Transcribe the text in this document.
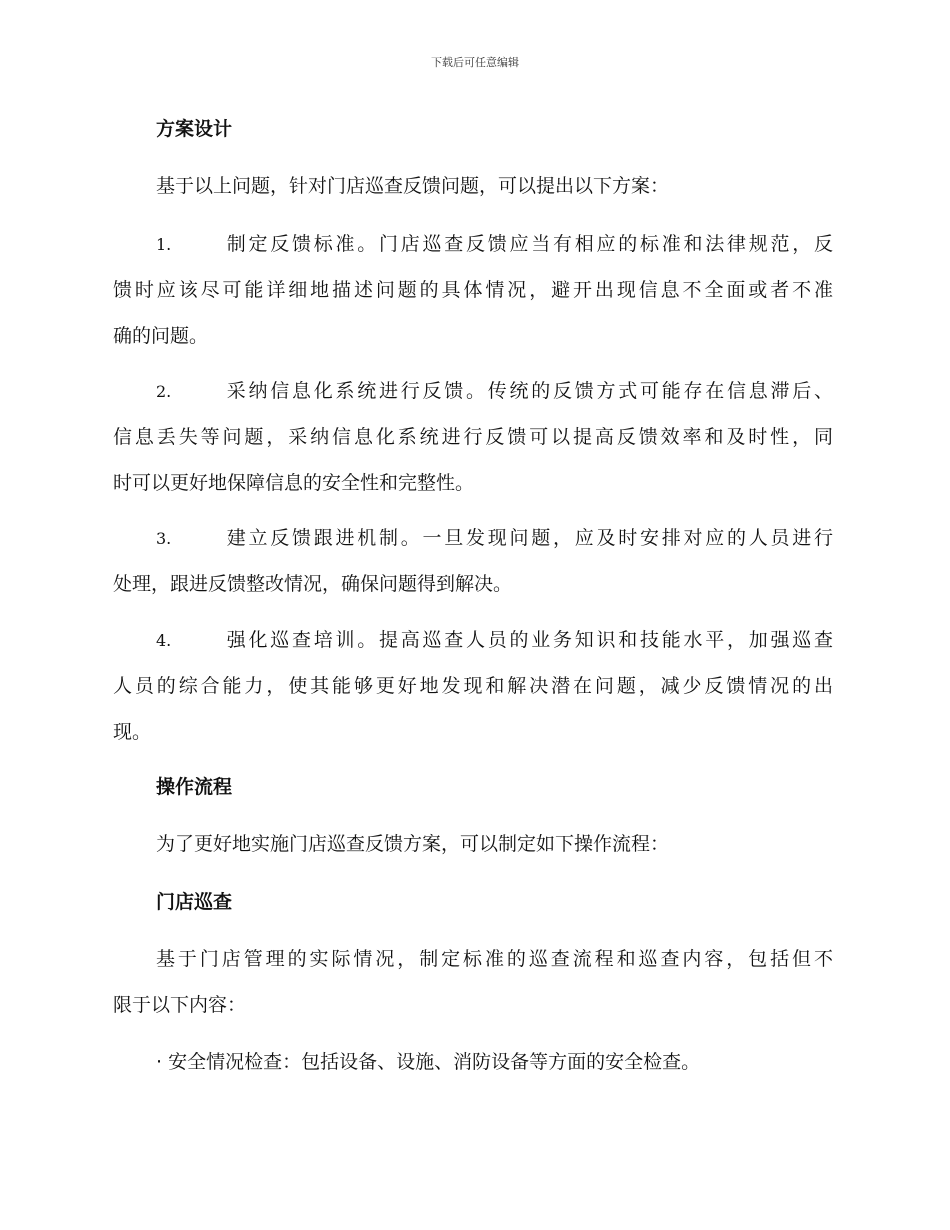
下载后可任意编辑
方案设计
基于以上问题，针对门店巡查反馈问题，可以提出以下方案：
1.	制定反馈标准。门店巡查反馈应当有相应的标准和法律规范，反
馈时应该尽可能详细地描述问题的具体情况，避开出现信息不全面或者不准
确的问题。
2.	采纳信息化系统进行反馈。传统的反馈方式可能存在信息滞后、
信息丢失等问题，采纳信息化系统进行反馈可以提高反馈效率和及时性，同
时可以更好地保障信息的安全性和完整性。
3.	建立反馈跟进机制。一旦发现问题，应及时安排对应的人员进行
处理，跟进反馈整改情况，确保问题得到解决。
4.	强化巡查培训。提高巡查人员的业务知识和技能水平，加强巡查
人员的综合能力，使其能够更好地发现和解决潜在问题，减少反馈情况的出
现。
操作流程
为了更好地实施门店巡查反馈方案，可以制定如下操作流程：
门店巡查
基于门店管理的实际情况，制定标准的巡查流程和巡查内容，包括但不
限于以下内容：
· 安全情况检查：包括设备、设施、消防设备等方面的安全检查。
